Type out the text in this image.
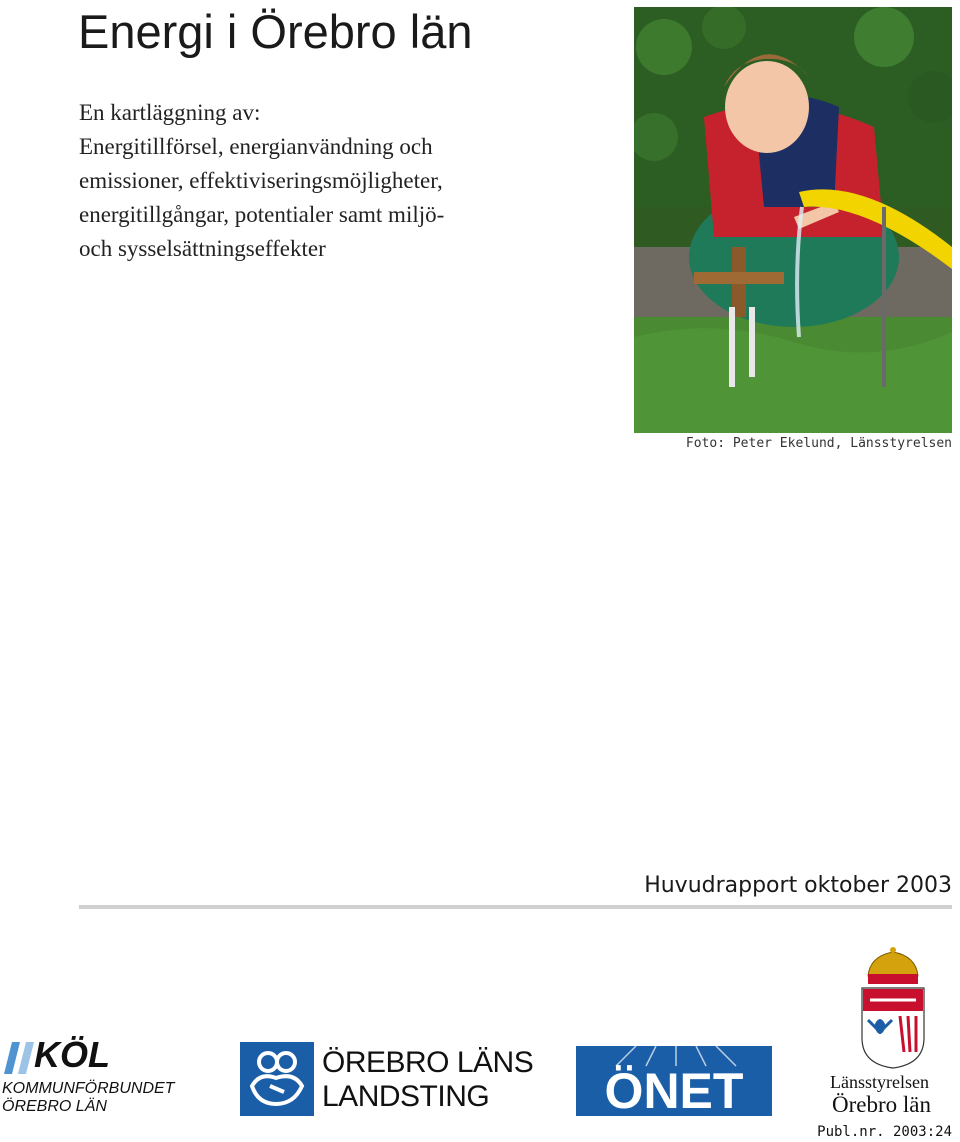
Energi i Örebro län
En kartläggning av:
Energitillförsel, energianvändning och
emissioner, effektiviseringsmöjligheter,
energitillgångar, potentialer samt miljö-
och sysselsättningseffekter
Foto: Peter Ekelund, Länsstyrelsen
Huvudrapport oktober 2003
KÖL
KOMMUNFÖRBUNDET
ÖREBRO LÄN
ÖREBRO LÄNS
LANDSTING ÖNET	Länsstyrelsen
Örebro län
Publ.nr. 2003:24
